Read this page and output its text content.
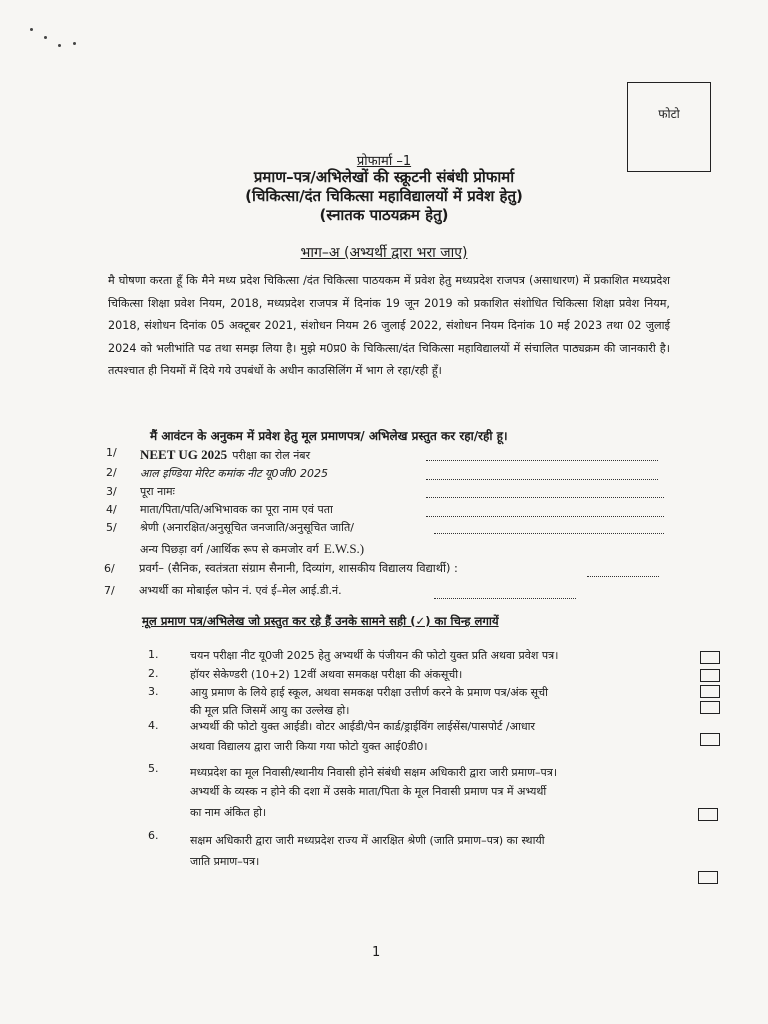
फोटो
प्रोफार्मा –1
प्रमाण–पत्र/अभिलेखों की स्क्रूटनी संबंधी प्रोफार्मा
(चिकित्सा/दंत चिकित्सा महाविद्यालयों में प्रवेश हेतु)
(स्नातक पाठयक्रम हेतु)
भाग–अ (अभ्यर्थी द्वारा भरा जाए)
मै घोषणा करता हूँ कि मैने मध्य प्रदेश चिकित्सा /दंत चिकित्सा पाठयकम में प्रवेश हेतु मध्यप्रदेश राजपत्र (असाधारण) में प्रकाशित मध्यप्रदेश चिकित्सा शिक्षा प्रवेश नियम, 2018, मध्यप्रदेश राजपत्र में दिनांक 19 जून 2019 को प्रकाशित संशोधित चिकित्सा शिक्षा प्रवेश नियम, 2018, संशोधन दिनांक 05 अक्टूबर 2021, संशोधन नियम 26 जुलाई 2022, संशोधन नियम दिनांक 10 मई 2023 तथा 02 जुलाई 2024 को भलीभांति पढ तथा समझ लिया है। मुझे म0प्र0 के चिकित्सा/दंत चिकित्सा महाविद्यालयों में संचालित पाठ्यक्रम की जानकारी है। तत्पश्चात ही नियमों में दिये गये उपबंधों के अधीन काउसिलिंग में भाग ले रहा/रही हूँ।
मैं आवंटन के अनुकम में प्रवेश हेतु मूल प्रमाणपत्र/ अभिलेख प्रस्तुत कर रहा/रही हू।
1/ NEET UG 2025 परीक्षा का रोल नंबर
2/ आल इण्डिया मेरिट कमांक नीट यू0जी0 2025
3/ पूरा नामः
4/ माता/पिता/पति/अभिभावक का पूरा नाम एवं पता
5/ श्रेणी (अनारक्षित/अनुसूचित जनजाति/अनुसूचित जाति/
अन्य पिछड़ा वर्ग /आर्थिक रूप से कमजोर वर्ग E.W.S.)
6/ प्रवर्ग– (सैनिक, स्वतंत्रता संग्राम सैनानी, दिव्यांग, शासकीय विद्यालय विद्यार्थी) :
7/ अभ्यर्थी का मोबाईल फोन नं. एवं ई–मेल आई.डी.नं.
मूल प्रमाण पत्र/अभिलेख जो प्रस्तुत कर रहे हैं उनके सामने सही (✓) का चिन्ह लगायें
1.	चयन परीक्षा नीट यू0जी 2025 हेतु अभ्यर्थी के पंजीयन की फोटो युक्त प्रति अथवा प्रवेश पत्र।
2.	हॉयर सेकेण्डरी (10+2) 12वीं अथवा समकक्ष परीक्षा की अंकसूची।
3.	आयु प्रमाण के लिये हाई स्कूल, अथवा समकक्ष परीक्षा उत्तीर्ण करने के प्रमाण पत्र/अंक सूची
की मूल प्रति जिसमें आयु का उल्लेख हो।
4.	अभ्यर्थी की फोटो युक्त आईडी। वोटर आईडी/पेन कार्ड/ड्राईविंग लाईसेंस/पासपोर्ट /आधार
अथवा विद्यालय द्वारा जारी किया गया फोटो युक्त आई0डी0।
5.	मध्यप्रदेश का मूल निवासी/स्थानीय निवासी होने संबंधी सक्षम अधिकारी द्वारा जारी प्रमाण–पत्र।
अभ्यर्थी के व्यस्क न होने की दशा में उसके माता/पिता के मूल निवासी प्रमाण पत्र में अभ्यर्थी
का नाम अंकित हो।
6.	सक्षम अधिकारी द्वारा जारी मध्यप्रदेश राज्य में आरक्षित श्रेणी (जाति प्रमाण–पत्र) का स्थायी
जाति प्रमाण–पत्र।
1
